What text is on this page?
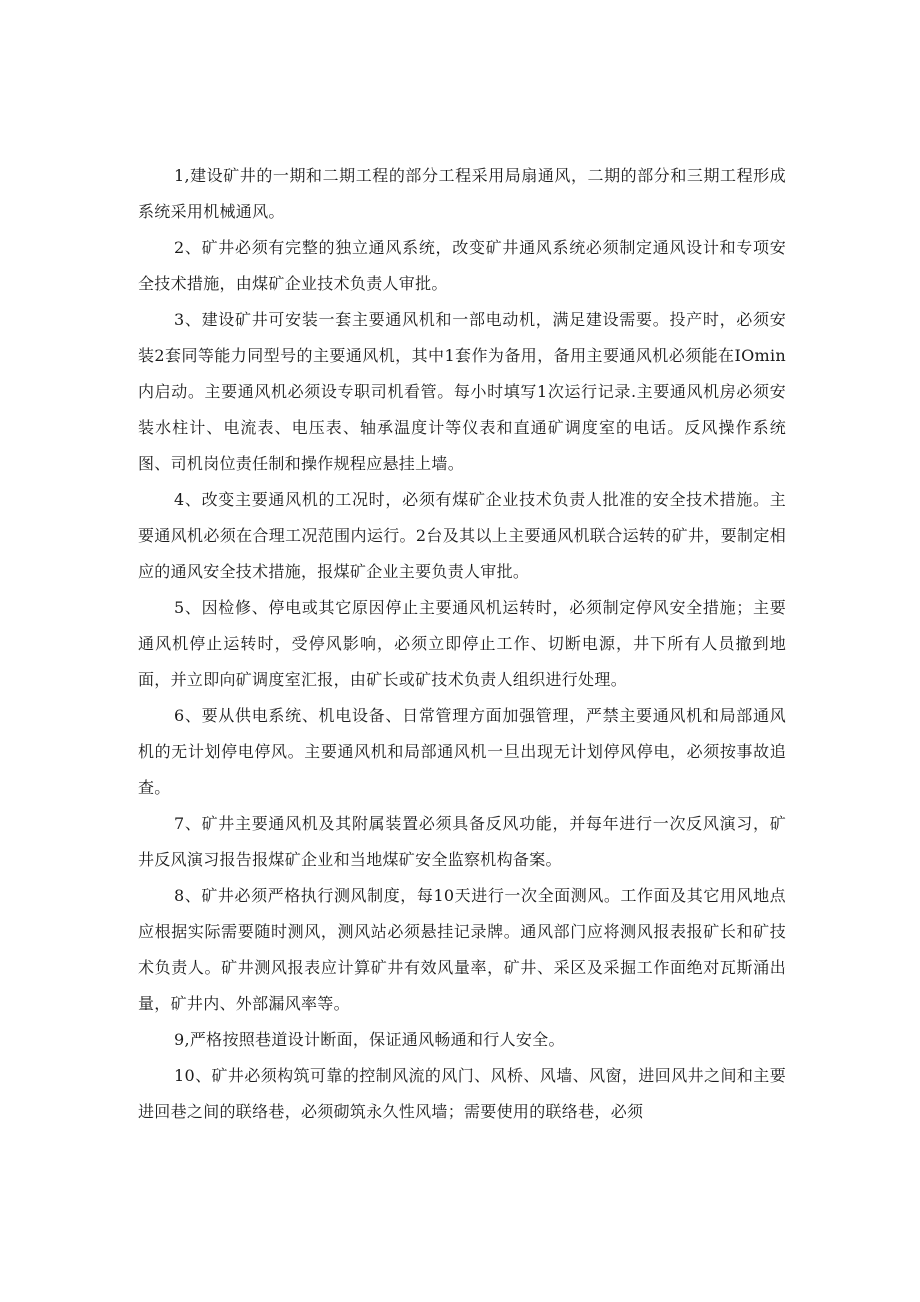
1,建设矿井的一期和二期工程的部分工程采用局扇通风，二期的部分和三期工程形成系统采用机械通风。

2、矿井必须有完整的独立通风系统，改变矿井通风系统必须制定通风设计和专项安全技术措施，由煤矿企业技术负责人审批。

3、建设矿井可安装一套主要通风机和一部电动机，满足建设需要。投产时，必须安装2套同等能力同型号的主要通风机，其中1套作为备用，备用主要通风机必须能在IOmin内启动。主要通风机必须设专职司机看管。每小时填写1次运行记录.主要通风机房必须安装水柱计、电流表、电压表、轴承温度计等仪表和直通矿调度室的电话。反风操作系统图、司机岗位责任制和操作规程应悬挂上墙。

4、改变主要通风机的工况时，必须有煤矿企业技术负责人批准的安全技术措施。主要通风机必须在合理工况范围内运行。2台及其以上主要通风机联合运转的矿井，要制定相应的通风安全技术措施，报煤矿企业主要负责人审批。

5、因检修、停电或其它原因停止主要通风机运转时，必须制定停风安全措施；主要通风机停止运转时，受停风影响，必须立即停止工作、切断电源，井下所有人员撤到地面，并立即向矿调度室汇报，由矿长或矿技术负责人组织进行处理。

6、要从供电系统、机电设备、日常管理方面加强管理，严禁主要通风机和局部通风机的无计划停电停风。主要通风机和局部通风机一旦出现无计划停风停电，必须按事故追查。

7、矿井主要通风机及其附属装置必须具备反风功能，并每年进行一次反风演习，矿井反风演习报告报煤矿企业和当地煤矿安全监察机构备案。

8、矿井必须严格执行测风制度，每10天进行一次全面测风。工作面及其它用风地点应根据实际需要随时测风，测风站必须悬挂记录牌。通风部门应将测风报表报矿长和矿技术负责人。矿井测风报表应计算矿井有效风量率，矿井、采区及采掘工作面绝对瓦斯涌出量，矿井内、外部漏风率等。

9,严格按照巷道设计断面，保证通风畅通和行人安全。

10、矿井必须构筑可靠的控制风流的风门、风桥、风墙、风窗，进回风井之间和主要进回巷之间的联络巷，必须砌筑永久性风墙；需要使用的联络巷，必须
